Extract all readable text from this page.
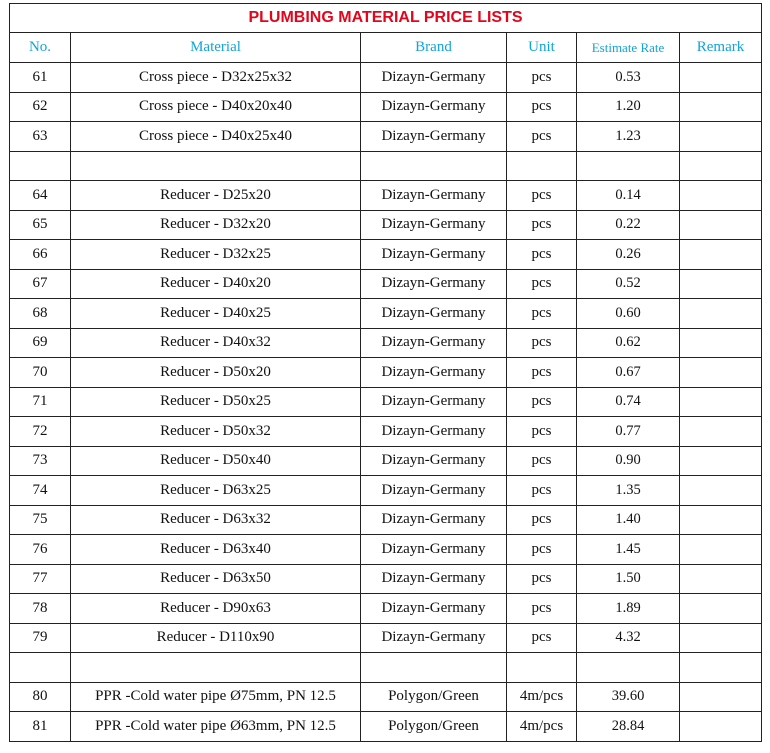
PLUMBING MATERIAL PRICE LISTS					
No.	Material	Brand	Unit	Estimate Rate	Remark
61	Cross piece - D32x25x32	Dizayn-Germany	pcs	0.53	
62	Cross piece - D40x20x40	Dizayn-Germany	pcs	1.20	
63	Cross piece - D40x25x40	Dizayn-Germany	pcs	1.23	

64	Reducer - D25x20	Dizayn-Germany	pcs	0.14	
65	Reducer - D32x20	Dizayn-Germany	pcs	0.22	
66	Reducer - D32x25	Dizayn-Germany	pcs	0.26	
67	Reducer - D40x20	Dizayn-Germany	pcs	0.52	
68	Reducer - D40x25	Dizayn-Germany	pcs	0.60	
69	Reducer - D40x32	Dizayn-Germany	pcs	0.62	
70	Reducer - D50x20	Dizayn-Germany	pcs	0.67	
71	Reducer - D50x25	Dizayn-Germany	pcs	0.74	
72	Reducer - D50x32	Dizayn-Germany	pcs	0.77	
73	Reducer - D50x40	Dizayn-Germany	pcs	0.90	
74	Reducer - D63x25	Dizayn-Germany	pcs	1.35	
75	Reducer - D63x32	Dizayn-Germany	pcs	1.40	
76	Reducer - D63x40	Dizayn-Germany	pcs	1.45	
77	Reducer - D63x50	Dizayn-Germany	pcs	1.50	
78	Reducer - D90x63	Dizayn-Germany	pcs	1.89	
79	Reducer - D110x90	Dizayn-Germany	pcs	4.32	

80	PPR -Cold water pipe Ø75mm, PN 12.5	Polygon/Green	4m/pcs	39.60	
81	PPR -Cold water pipe Ø63mm, PN 12.5	Polygon/Green	4m/pcs	28.84	
